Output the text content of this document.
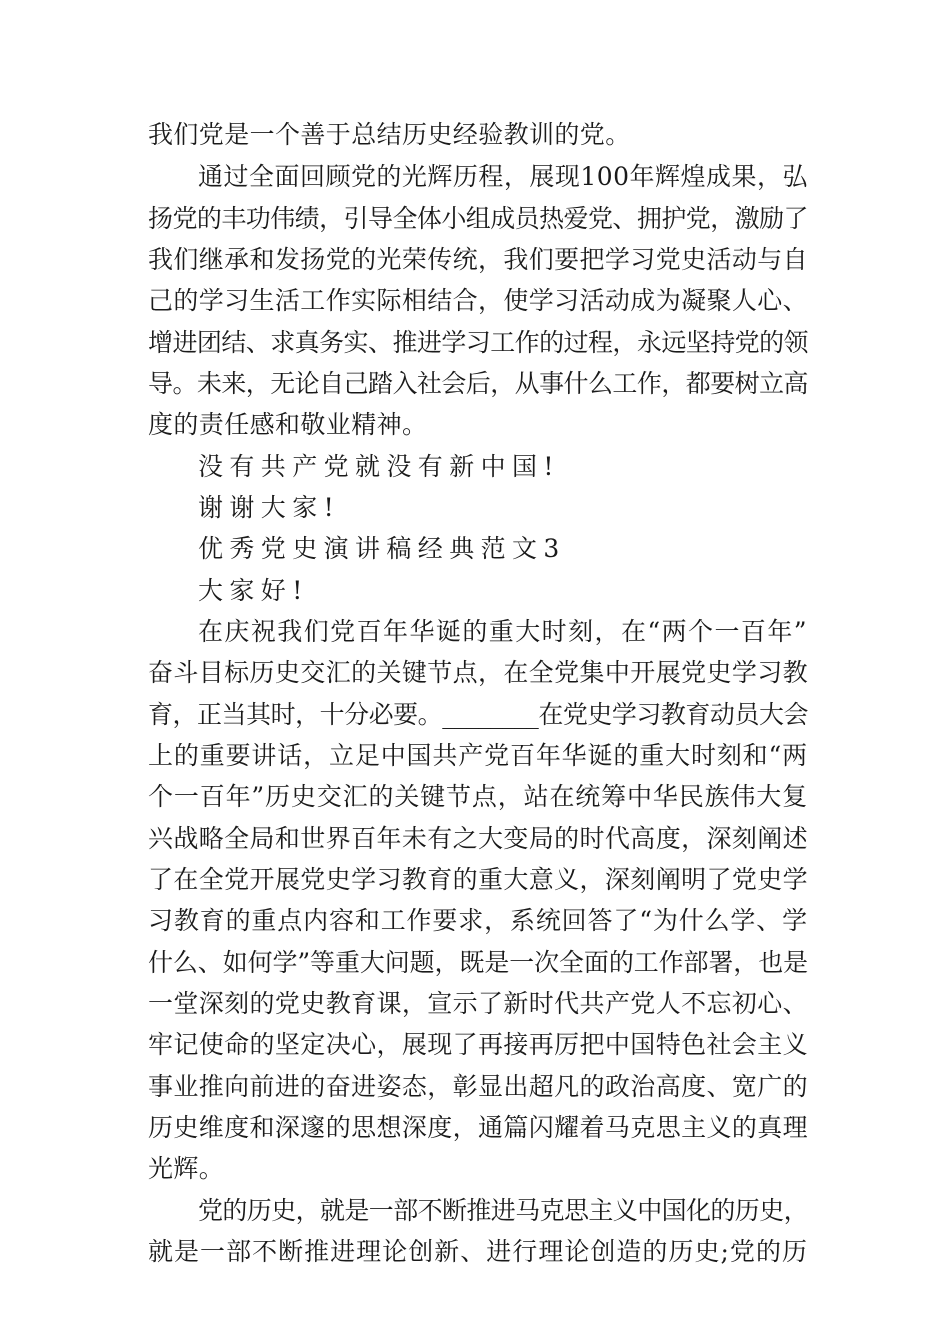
我们党是一个善于总结历史经验教训的党。
通过全面回顾党的光辉历程，展现100年辉煌成果，弘
扬党的丰功伟绩，引导全体小组成员热爱党、拥护党，激励了
我们继承和发扬党的光荣传统，我们要把学习党史活动与自
己的学习生活工作实际相结合，使学习活动成为凝聚人心、
增进团结、求真务实、推进学习工作的过程，永远坚持党的领
导。未来，无论自己踏入社会后，从事什么工作，都要树立高
度的责任感和敬业精神。
没有共产党就没有新中国!
谢谢大家!
优秀党史演讲稿经典范文3
大家好!
在庆祝我们党百年华诞的重大时刻，在“两个一百年”
奋斗目标历史交汇的关键节点，在全党集中开展党史学习教
育，正当其时，十分必要。________在党史学习教育动员大会
上的重要讲话，立足中国共产党百年华诞的重大时刻和“两
个一百年”历史交汇的关键节点，站在统筹中华民族伟大复
兴战略全局和世界百年未有之大变局的时代高度，深刻阐述
了在全党开展党史学习教育的重大意义，深刻阐明了党史学
习教育的重点内容和工作要求，系统回答了“为什么学、学
什么、如何学”等重大问题，既是一次全面的工作部署，也是
一堂深刻的党史教育课，宣示了新时代共产党人不忘初心、
牢记使命的坚定决心，展现了再接再厉把中国特色社会主义
事业推向前进的奋进姿态，彰显出超凡的政治高度、宽广的
历史维度和深邃的思想深度，通篇闪耀着马克思主义的真理
光辉。
党的历史，就是一部不断推进马克思主义中国化的历史，
就是一部不断推进理论创新、进行理论创造的历史;党的历
